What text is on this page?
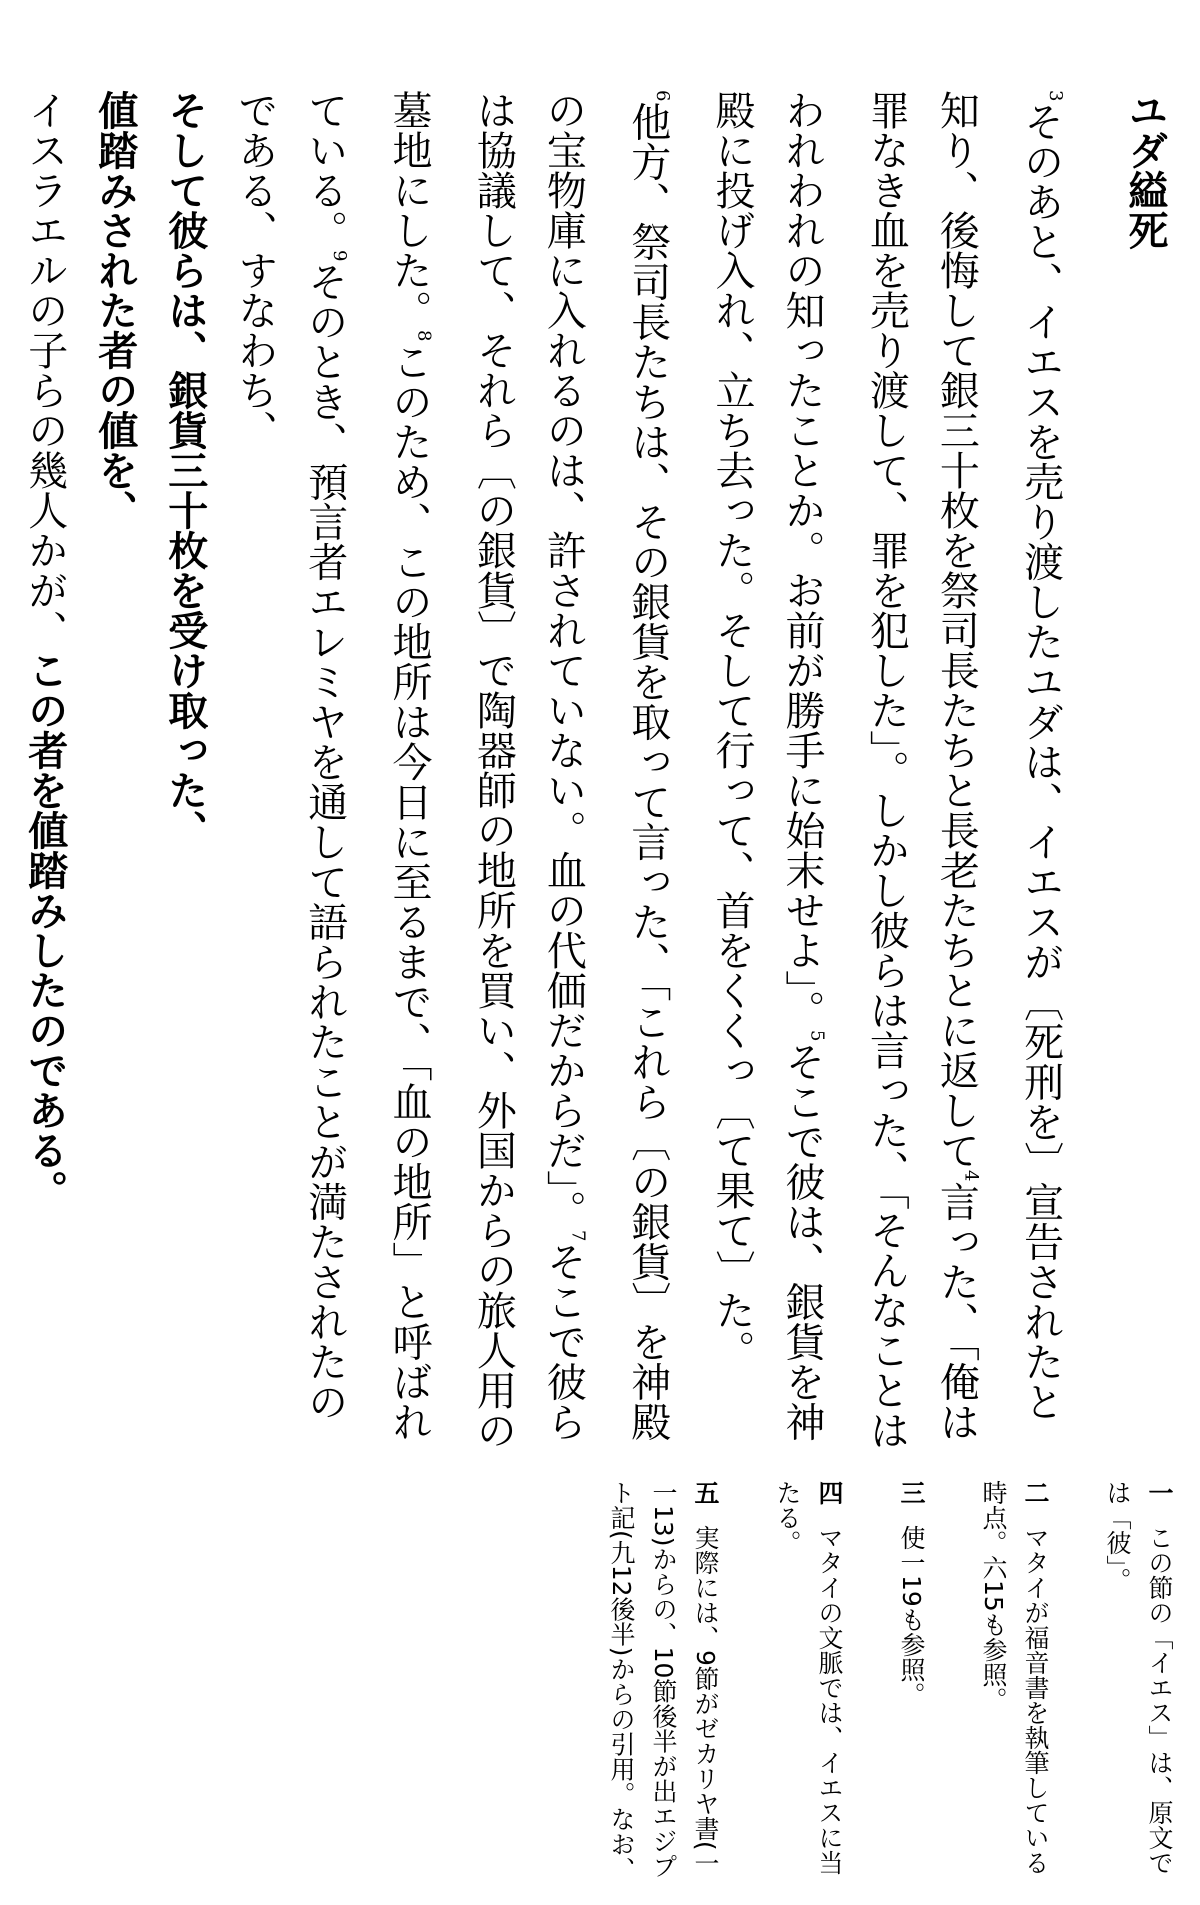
ユダ縊死
$^3$そのあと、イエスを売り渡したユダは、イエスが〔死刑を〕宣告されたと知り、後悔して銀三十枚を祭司長たちと長老たちとに返して$^4$言った、「俺は罪なき血を売り渡して、罪を犯した」。しかし彼らは言った、「そんなことはわれわれの知ったことか。お前が勝手に始末せよ」。$^5$そこで彼は、銀貨を神殿に投げ入れ、立ち去った。そして行って、首をくくっ〔て果て〕た。
$^6$他方、祭司長たちは、その銀貨を取って言った、「これら〔の銀貨〕を神殿の宝物庫に入れるのは、許されていない。血の代価だからだ」。$^7$そこで彼らは協議して、それら〔の銀貨〕で陶器師の地所を買い、外国からの旅人用の墓地にした。$^8$このため、この地所は今日に至るまで、「血の地所」と呼ばれている。$^9$そのとき、預言者エレミヤを通して語られたことが満たされたのである、すなわち、
そして彼らは、銀貨三十枚を受け取った、
値踏みされた者の値を、
イスラエルの子らの幾人かが、この者を値踏みしたのである。
一 この節の「イエス」は、原文では「彼」。
二 マタイが福音書を執筆している時点。六15も参照。
三 使一19も参照。
四 マタイの文脈では、イエスに当たる。
五 実際には、9節がゼカリヤ書(一一13)からの、10節後半が出エジプト記(九12後半)からの引用。なお、
